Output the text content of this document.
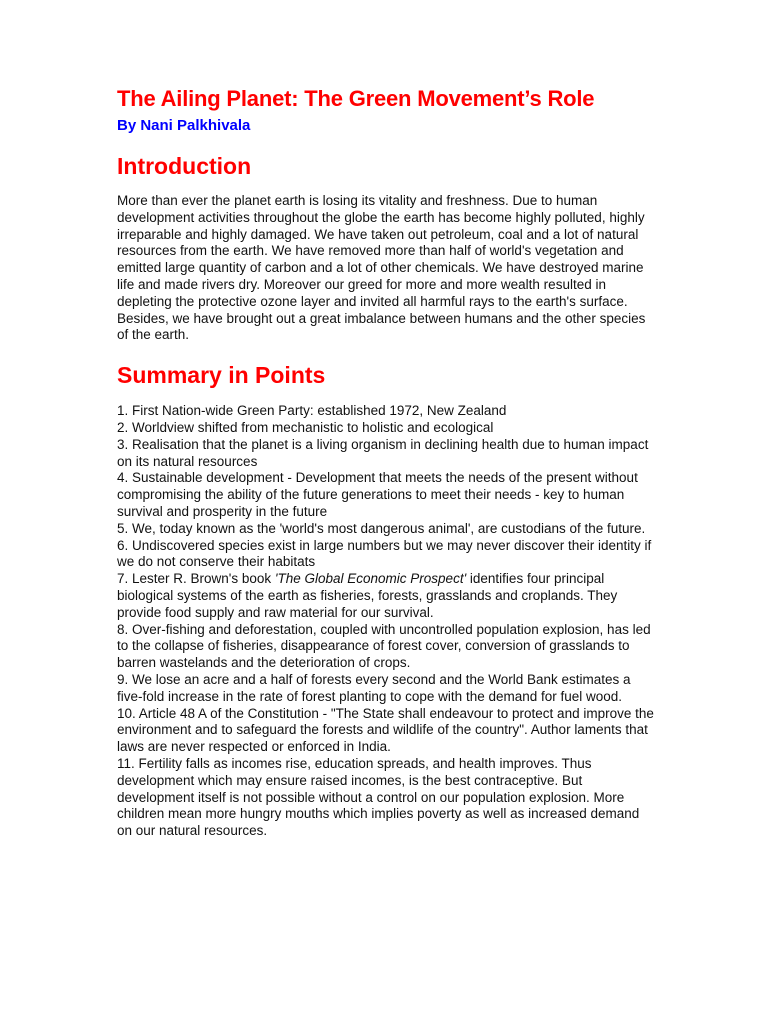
The Ailing Planet: The Green Movement’s Role
By Nani Palkhivala
Introduction

More than ever the planet earth is losing its vitality and freshness. Due to human development activities throughout the globe the earth has become highly polluted, highly irreparable and highly damaged. We have taken out petroleum, coal and a lot of natural resources from the earth. We have removed more than half of world's vegetation and emitted large quantity of carbon and a lot of other chemicals. We have destroyed marine life and made rivers dry. Moreover our greed for more and more wealth resulted in depleting the protective ozone layer and invited all harmful rays to the earth's surface. Besides, we have brought out a great imbalance between humans and the other species of the earth.

Summary in Points
1. First Nation-wide Green Party: established 1972, New Zealand
2. Worldview shifted from mechanistic to holistic and ecological
3. Realisation that the planet is a living organism in declining health due to human impact on its natural resources
4. Sustainable development - Development that meets the needs of the present without compromising the ability of the future generations to meet their needs - key to human survival and prosperity in the future
5. We, today known as the 'world's most dangerous animal', are custodians of the future.
6. Undiscovered species exist in large numbers but we may never discover their identity if we do not conserve their habitats
7. Lester R. Brown's book 'The Global Economic Prospect' identifies four principal biological systems of the earth as fisheries, forests, grasslands and croplands. They provide food supply and raw material for our survival.
8. Over-fishing and deforestation, coupled with uncontrolled population explosion, has led to the collapse of fisheries, disappearance of forest cover, conversion of grasslands to barren wastelands and the deterioration of crops.
9. We lose an acre and a half of forests every second and the World Bank estimates a five-fold increase in the rate of forest planting to cope with the demand for fuel wood.
10. Article 48 A of the Constitution - "The State shall endeavour to protect and improve the environment and to safeguard the forests and wildlife of the country". Author laments that laws are never respected or enforced in India.
11. Fertility falls as incomes rise, education spreads, and health improves. Thus development which may ensure raised incomes, is the best contraceptive. But development itself is not possible without a control on our population explosion. More children mean more hungry mouths which implies poverty as well as increased demand on our natural resources.
